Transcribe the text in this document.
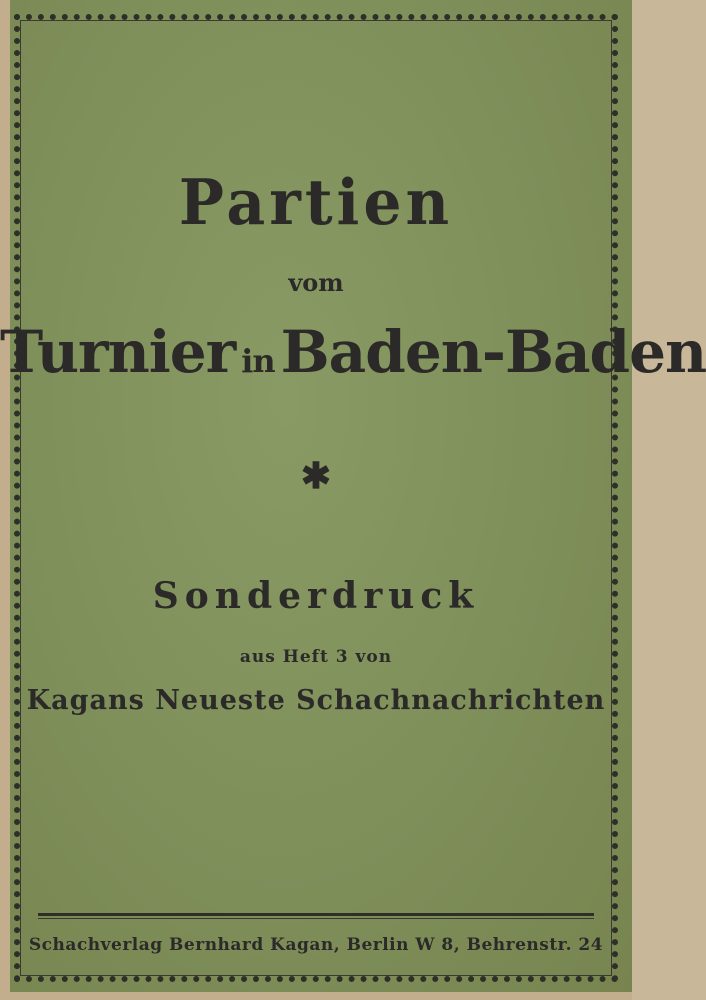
Partien
vom
Turnier in Baden-Baden
✱
Sonderdruck
aus Heft 3 von
Kagans Neueste Schachnachrichten
Schachverlag Bernhard Kagan, Berlin W 8, Behrenstr. 24
